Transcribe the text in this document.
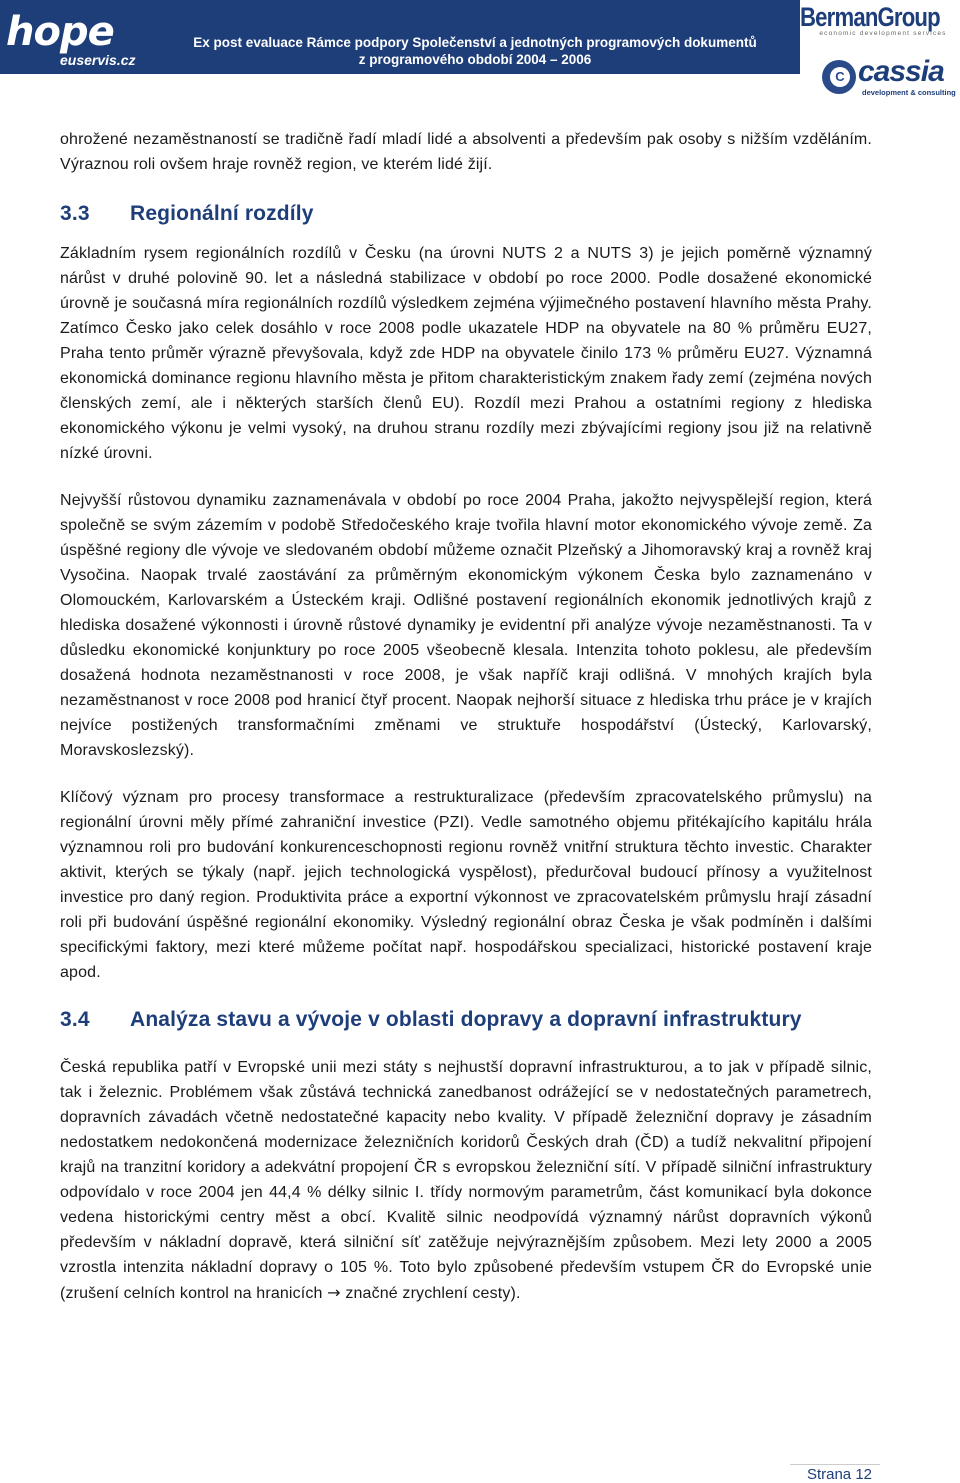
hope
euservis.cz
Ex post evaluace Rámce podpory Společenství a jednotných programových dokumentů
z programového období 2004 – 2006
BermanGroup
economic development services
C cassia
development & consulting

ohrožené nezaměstnaností se tradičně řadí mladí lidé a absolventi a především pak osoby s nižším vzděláním. Výraznou roli ovšem hraje rovněž region, ve kterém lidé žijí.

3.3 Regionální rozdíly

Základním rysem regionálních rozdílů v Česku (na úrovni NUTS 2 a NUTS 3) je jejich poměrně významný nárůst v druhé polovině 90. let a následná stabilizace v období po roce 2000. Podle dosažené ekonomické úrovně je současná míra regionálních rozdílů výsledkem zejména výjimečného postavení hlavního města Prahy. Zatímco Česko jako celek dosáhlo v roce 2008 podle ukazatele HDP na obyvatele na 80 % průměru EU27, Praha tento průměr výrazně převyšovala, když zde HDP na obyvatele činilo 173 % průměru EU27. Významná ekonomická dominance regionu hlavního města je přitom charakteristickým znakem řady zemí (zejména nových členských zemí, ale i některých starších členů EU). Rozdíl mezi Prahou a ostatními regiony z hlediska ekonomického výkonu je velmi vysoký, na druhou stranu rozdíly mezi zbývajícími regiony jsou již na relativně nízké úrovni.

Nejvyšší růstovou dynamiku zaznamenávala v období po roce 2004 Praha, jakožto nejvyspělejší region, která společně se svým zázemím v podobě Středočeského kraje tvořila hlavní motor ekonomického vývoje země. Za úspěšné regiony dle vývoje ve sledovaném období můžeme označit Plzeňský a Jihomoravský kraj a rovněž kraj Vysočina. Naopak trvalé zaostávání za průměrným ekonomickým výkonem Česka bylo zaznamenáno v Olomouckém, Karlovarském a Ústeckém kraji. Odlišné postavení regionálních ekonomik jednotlivých krajů z hlediska dosažené výkonnosti i úrovně růstové dynamiky je evidentní při analýze vývoje nezaměstnanosti. Ta v důsledku ekonomické konjunktury po roce 2005 všeobecně klesala. Intenzita tohoto poklesu, ale především dosažená hodnota nezaměstnanosti v roce 2008, je však napříč kraji odlišná. V mnohých krajích byla nezaměstnanost v roce 2008 pod hranicí čtyř procent. Naopak nejhorší situace z hlediska trhu práce je v krajích nejvíce postižených transformačními změnami ve struktuře hospodářství (Ústecký, Karlovarský, Moravskoslezský).

Klíčový význam pro procesy transformace a restrukturalizace (především zpracovatelského průmyslu) na regionální úrovni měly přímé zahraniční investice (PZI). Vedle samotného objemu přitékajícího kapitálu hrála významnou roli pro budování konkurenceschopnosti regionu rovněž vnitřní struktura těchto investic. Charakter aktivit, kterých se týkaly (např. jejich technologická vyspělost), předurčoval budoucí přínosy a využitelnost investice pro daný region. Produktivita práce a exportní výkonnost ve zpracovatelském průmyslu hrají zásadní roli při budování úspěšné regionální ekonomiky. Výsledný regionální obraz Česka je však podmíněn i dalšími specifickými faktory, mezi které můžeme počítat např. hospodářskou specializaci, historické postavení kraje apod.

3.4 Analýza stavu a vývoje v oblasti dopravy a dopravní infrastruktury

Česká republika patří v Evropské unii mezi státy s nejhustší dopravní infrastrukturou, a to jak v případě silnic, tak i železnic. Problémem však zůstává technická zanedbanost odrážející se v nedostatečných parametrech, dopravních závadách včetně nedostatečné kapacity nebo kvality. V případě železniční dopravy je zásadním nedostatkem nedokončená modernizace železničních koridorů Českých drah (ČD) a tudíž nekvalitní připojení krajů na tranzitní koridory a adekvátní propojení ČR s evropskou železniční sítí. V případě silniční infrastruktury odpovídalo v roce 2004 jen 44,4 % délky silnic I. třídy normovým parametrům, část komunikací byla dokonce vedena historickými centry měst a obcí. Kvalitě silnic neodpovídá významný nárůst dopravních výkonů především v nákladní dopravě, která silniční síť zatěžuje nejvýraznějším způsobem. Mezi lety 2000 a 2005 vzrostla intenzita nákladní dopravy o 105 %. Toto bylo způsobené především vstupem ČR do Evropské unie (zrušení celních kontrol na hranicích → značné zrychlení cesty).

Strana 12
